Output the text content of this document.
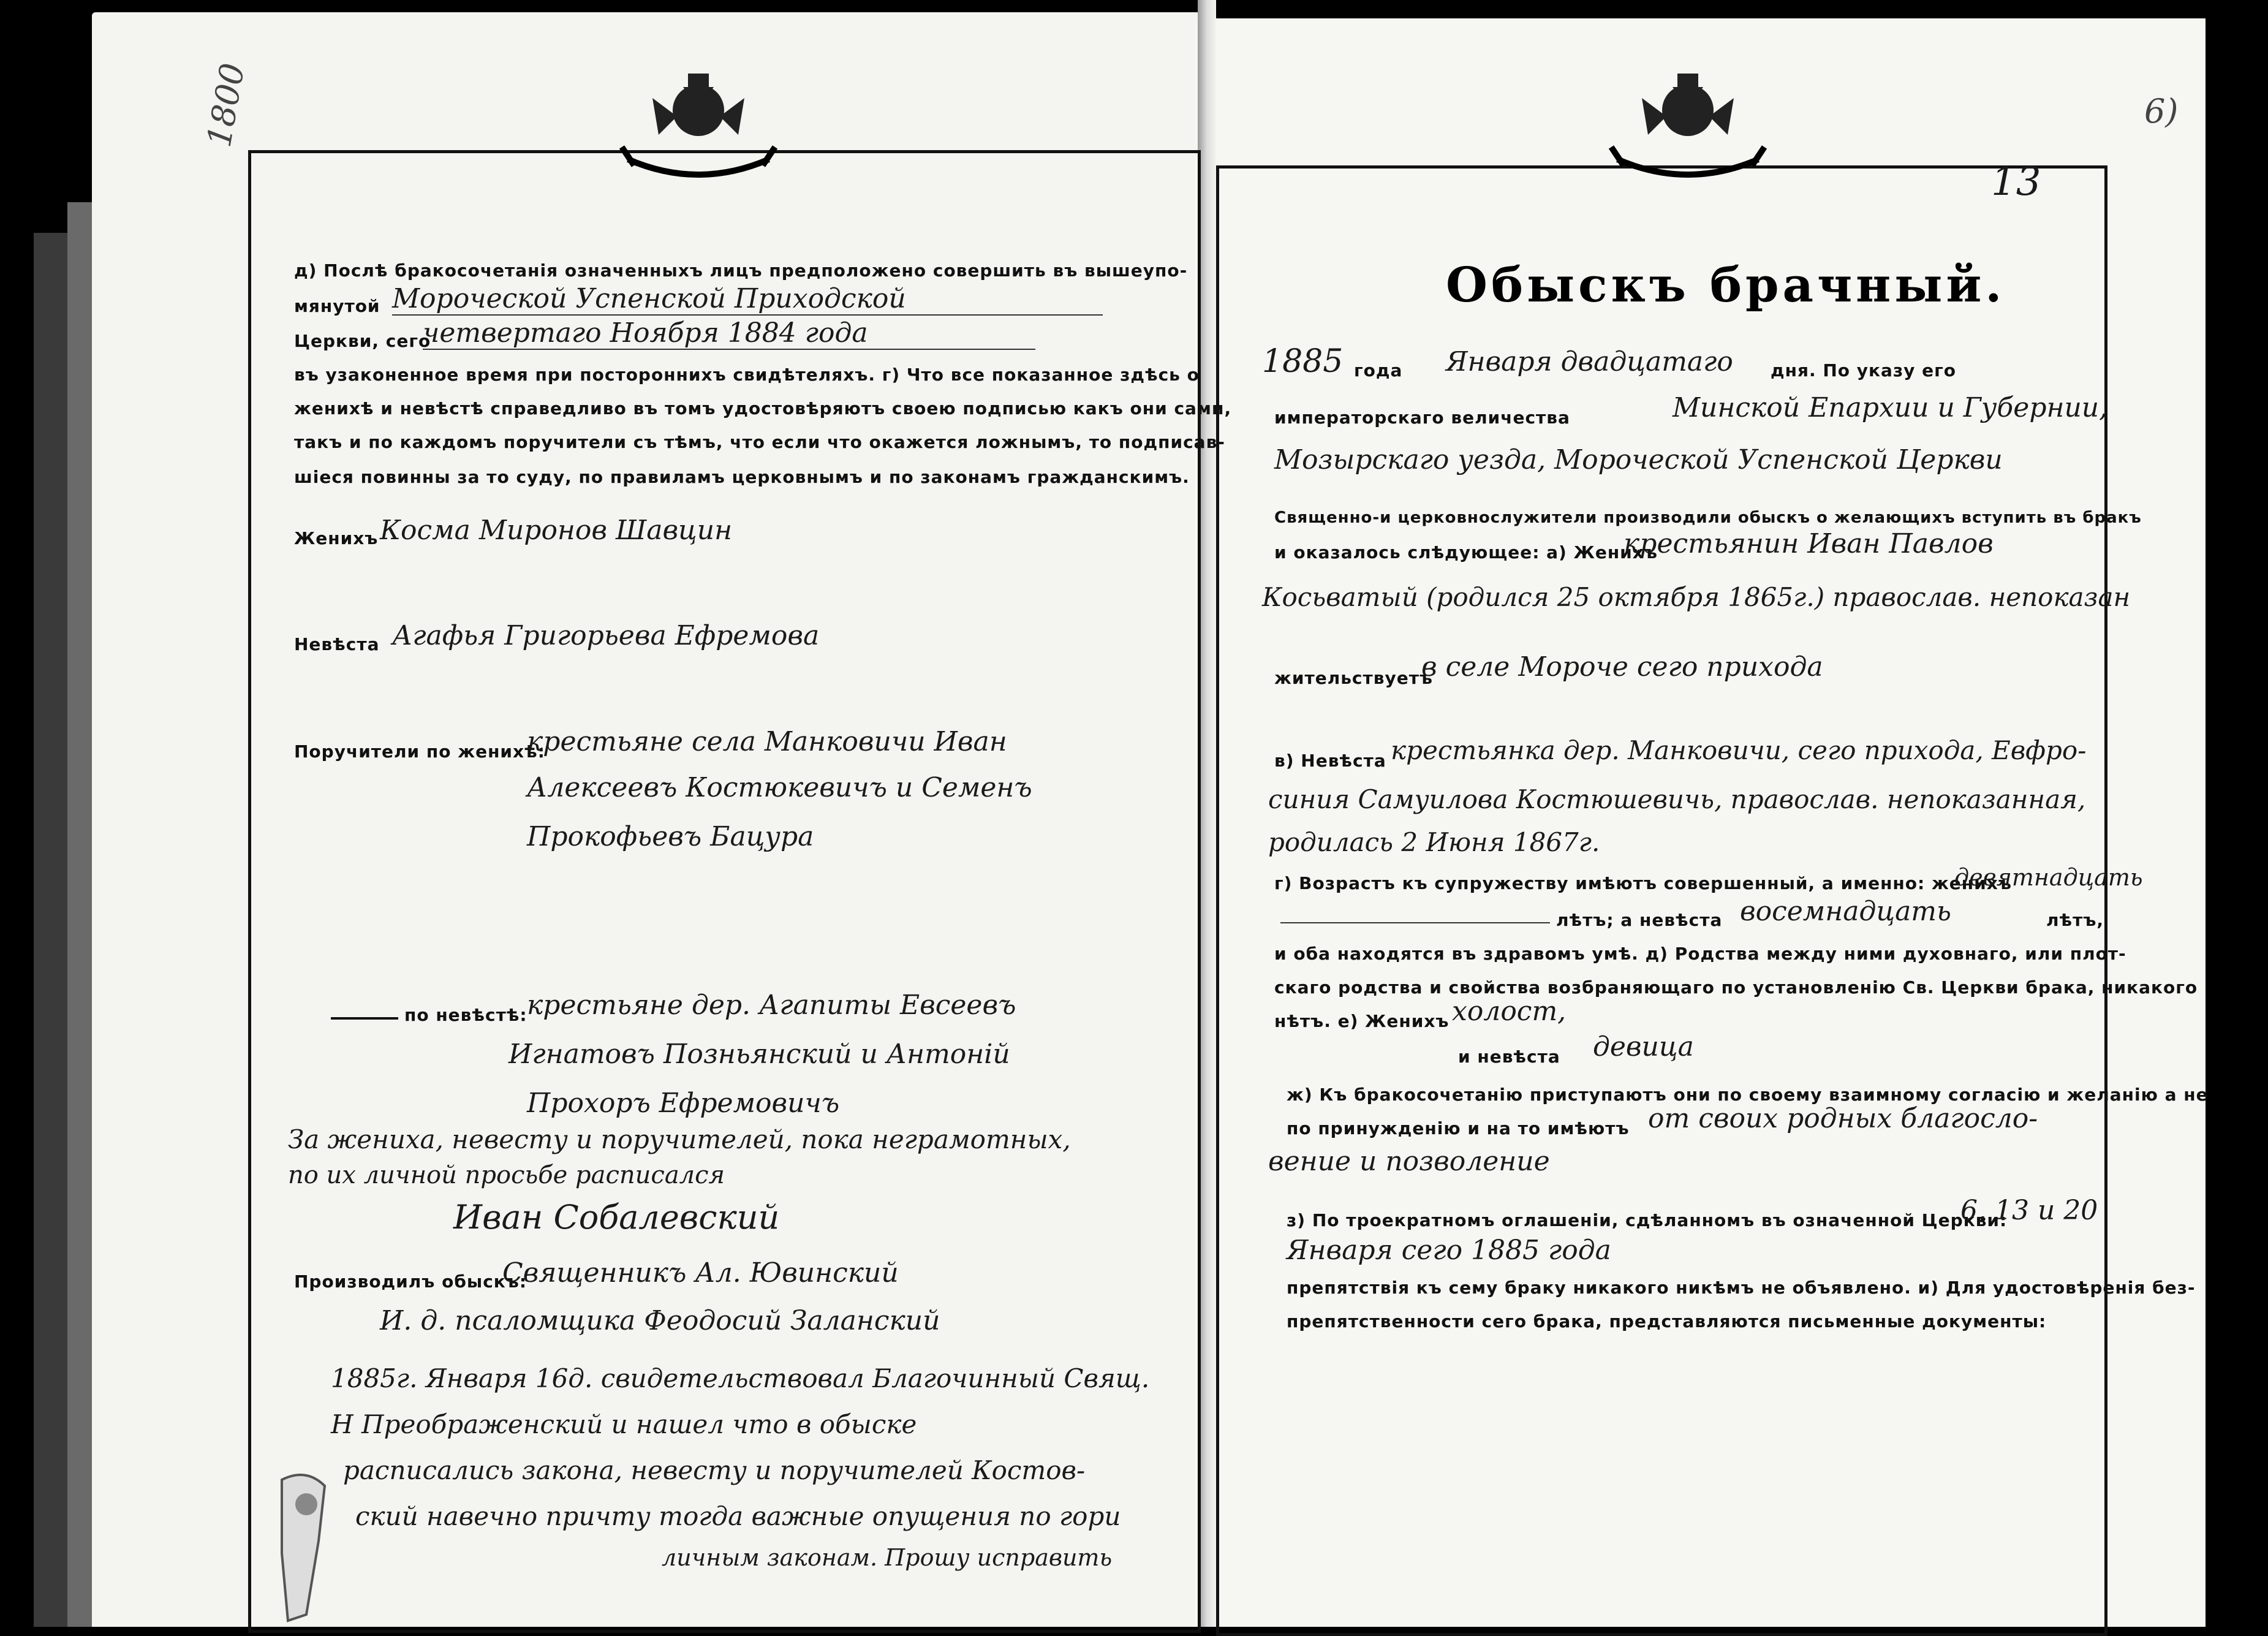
1800
д) Послѣ бракосочетанія означенныхъ лицъ предположено совершить въ вышеупо-
мянутой Мороческой Успенской Приходской
Церкви, сего
четвертаго Ноября 1884 года
въ узаконенное время при постороннихъ свидѣтеляхъ. г) Что все показанное здѣсь о
женихѣ и невѣстѣ справедливо въ томъ удостовѣряютъ своею подписью какъ они сами,
такъ и по каждомъ поручители съ тѣмъ, что если что окажется ложнымъ, то подписав-
шіеся повинны за то суду, по правиламъ церковнымъ и по законамъ гражданскимъ.
Женихъ Косма Миронов Шавцин
Невѣста Агафья Григорьева Ефремова
Поручители по женихѣ:
крестьяне села Манковичи Иван
Алексеевъ Костюкевичъ и Семенъ
Прокофьевъ Бацура
по невѣстѣ: крестьяне дер. Агапиты Евсеевъ
Игнатовъ Позньянский и Антоній
Прохоръ Ефремовичъ
За жениха, невесту и поручителей, пока неграмотных,
по их личной просьбе расписался
Иван Собалевский
Производилъ обыскъ:
Священникъ Ал. Ювинский
И. д. псаломщика Феодосий Заланский
1885г. Января 16д. свидетельствовал Благочинный Свящ.
Н Преображенский и нашел что в обыске
расписались закона, невесту и поручителей Костов-
ский навечно причту тогда важные опущения по гори
личным законам. Прошу исправить
6)
13
Обыскъ брачный.
1885 года Января двадцатаго дня. По указу его
императорскаго величества	Минской Епархии и Губернии,
Мозырскаго уезда, Мороческой Успенской Церкви
Священно-и церковнослужители производили обыскъ о желающихъ вступить въ бракъ
и оказалось слѣдующее: а) Женихъ
крестьянин Иван Павлов
Косьватый (родился 25 октября 1865г.) православ. непоказан
жительствуетъ
в селе Мороче сего прихода
в) Невѣста крестьянка дер. Манковичи, сего прихода, Евфро-
синия Самуилова Костюшевичь, православ. непоказанная,
родилась 2 Июня 1867г.
г) Возрастъ къ супружеству имѣютъ совершенный, а именно: женихъ
девятнадцать
лѣтъ; а невѣста восемнадцать	лѣтъ,
и оба находятся въ здравомъ умѣ. д) Родства между ними духовнаго, или плот-
скаго родства и свойства возбраняющаго по установленію Св. Церкви брака, никакого
нѣтъ. е) Женихъ холост,
и невѣста девица
ж) Къ бракосочетанію приступаютъ они по своему взаимному согласію и желанію а не
по принужденію и на то имѣютъ от своих родных благосло-
вение и позволение
з) По троекратномъ оглашеніи, сдѣланномъ въ означенной Церкви:
6, 13 и 20
Января сего 1885 года
препятствія къ сему браку никакого никѣмъ не объявлено. и) Для удостовѣренія без-
препятственности сего брака, представляются письменные документы:
